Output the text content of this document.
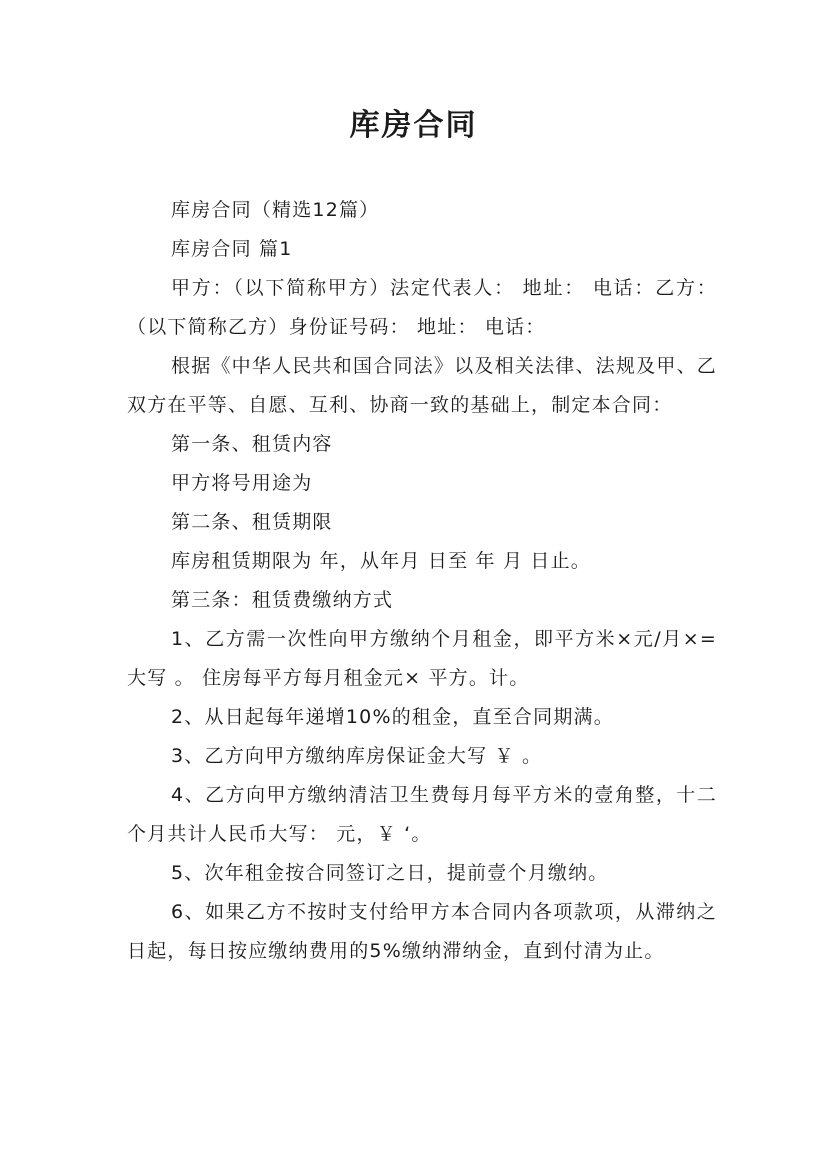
库房合同

库房合同（精选12篇）

库房合同 篇1

甲方：（以下简称甲方）法定代表人： 地址： 电话：乙方：（以下简称乙方）身份证号码： 地址： 电话：

根据《中华人民共和国合同法》以及相关法律、法规及甲、乙双方在平等、自愿、互利、协商一致的基础上，制定本合同：

第一条、租赁内容

甲方将号用途为

第二条、租赁期限

库房租赁期限为 年，从年月 日至 年 月 日止。

第三条：租赁费缴纳方式

1、乙方需一次性向甲方缴纳个月租金，即平方米×元/月×=大写 。 住房每平方每月租金元× 平方。计。

2、从日起每年递增10%的租金，直至合同期满。

3、乙方向甲方缴纳库房保证金大写 ￥ 。

4、乙方向甲方缴纳清洁卫生费每月每平方米的壹角整，十二个月共计人民币大写： 元，￥ ‘。

5、次年租金按合同签订之日，提前壹个月缴纳。

6、如果乙方不按时支付给甲方本合同内各项款项，从滞纳之日起，每日按应缴纳费用的5%缴纳滞纳金，直到付清为止。
